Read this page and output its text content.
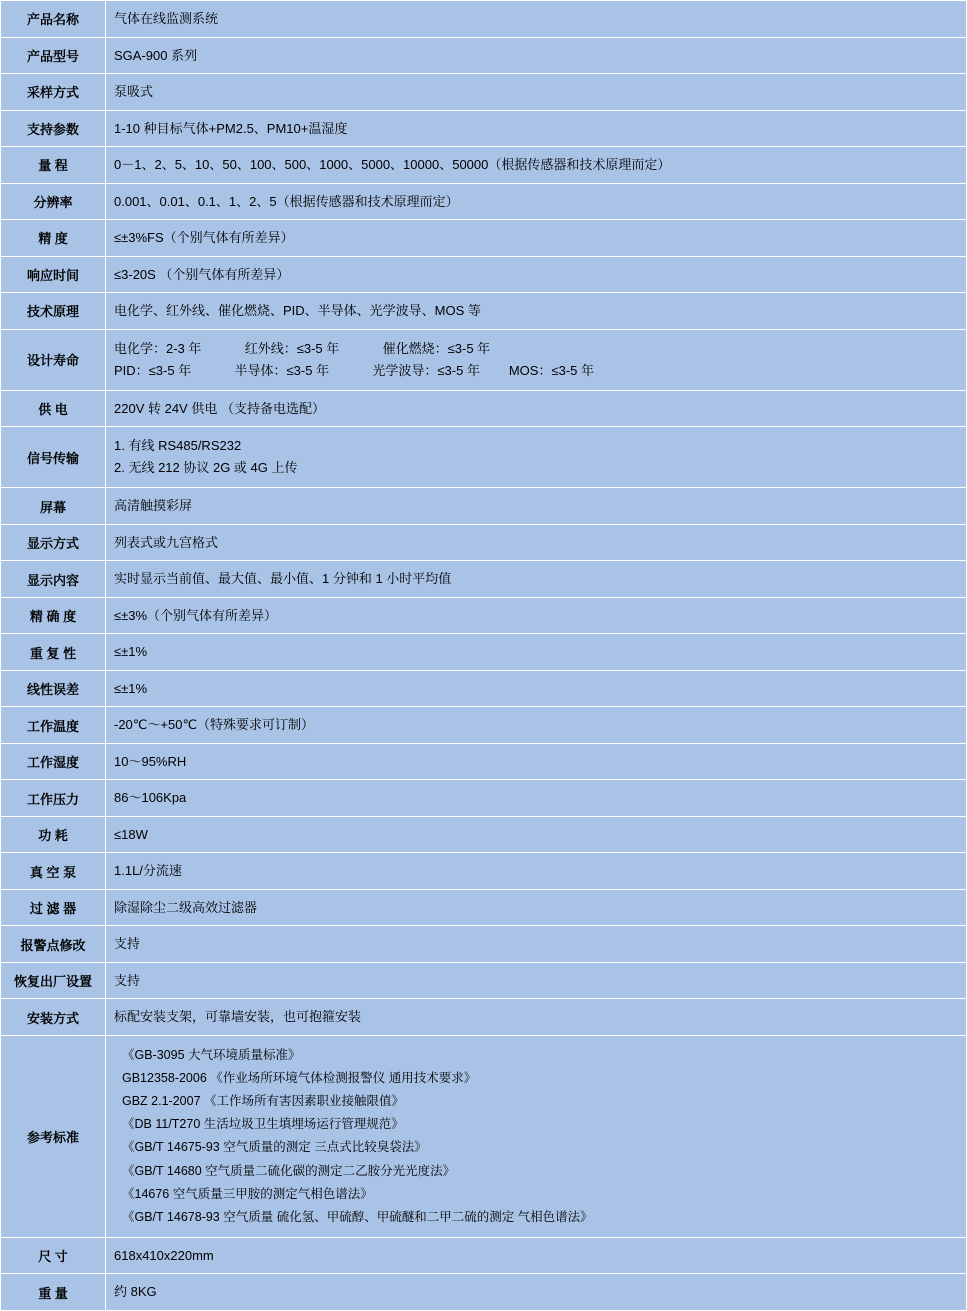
产品名称	气体在线监测系统
产品型号	SGA-900 系列
采样方式	泵吸式
支持参数	1-10 种目标气体+PM2.5、PM10+温湿度
量 程	0－1、2、5、10、50、100、500、1000、5000、10000、50000（根据传感器和技术原理而定）
分辨率	0.001、0.01、0.1、1、2、5（根据传感器和技术原理而定）
精 度	≤±3%FS（个别气体有所差异）
响应时间	≤3-20S （个别气体有所差异）
技术原理	电化学、红外线、催化燃烧、PID、半导体、光学波导、MOS 等
设计寿命	电化学：2-3 年            红外线：≤3-5 年            催化燃烧：≤3-5 年
PID：≤3-5 年            半导体：≤3-5 年            光学波导：≤3-5 年        MOS：≤3-5 年

供 电	220V 转 24V 供电 （支持备电选配）
信号传输	1. 有线 RS485/RS232
2. 无线 212 协议 2G 或 4G 上传

屏幕	高清触摸彩屏
显示方式	列表式或九宫格式
显示内容	实时显示当前值、最大值、最小值、1 分钟和 1 小时平均值
精 确 度	≤±3%（个别气体有所差异）
重 复 性	≤±1%
线性误差	≤±1%
工作温度	-20℃～+50℃（特殊要求可订制）
工作湿度	10～95%RH
工作压力	86～106Kpa
功 耗	≤18W
真 空 泵	1.1L/分流速
过 滤 器	除湿除尘二级高效过滤器
报警点修改	支持
恢复出厂设置	支持
安装方式	标配安装支架，可靠墙安装，也可抱箍安装
参考标准	
《GB-3095 大气环境质量标准》
GB12358-2006 《作业场所环境气体检测报警仪 通用技术要求》
GBZ 2.1-2007 《工作场所有害因素职业接触限值》
《DB 11/T270 生活垃圾卫生填埋场运行管理规范》
《GB/T 14675-93 空气质量的测定 三点式比较臭袋法》
《GB/T 14680 空气质量二硫化碳的测定二乙胺分光光度法》
《14676 空气质量三甲胺的测定气相色谱法》
《GB/T 14678-93 空气质量 硫化氢、甲硫醇、甲硫醚和二甲二硫的测定 气相色谱法》

尺 寸	618x410x220mm
重 量	约 8KG
